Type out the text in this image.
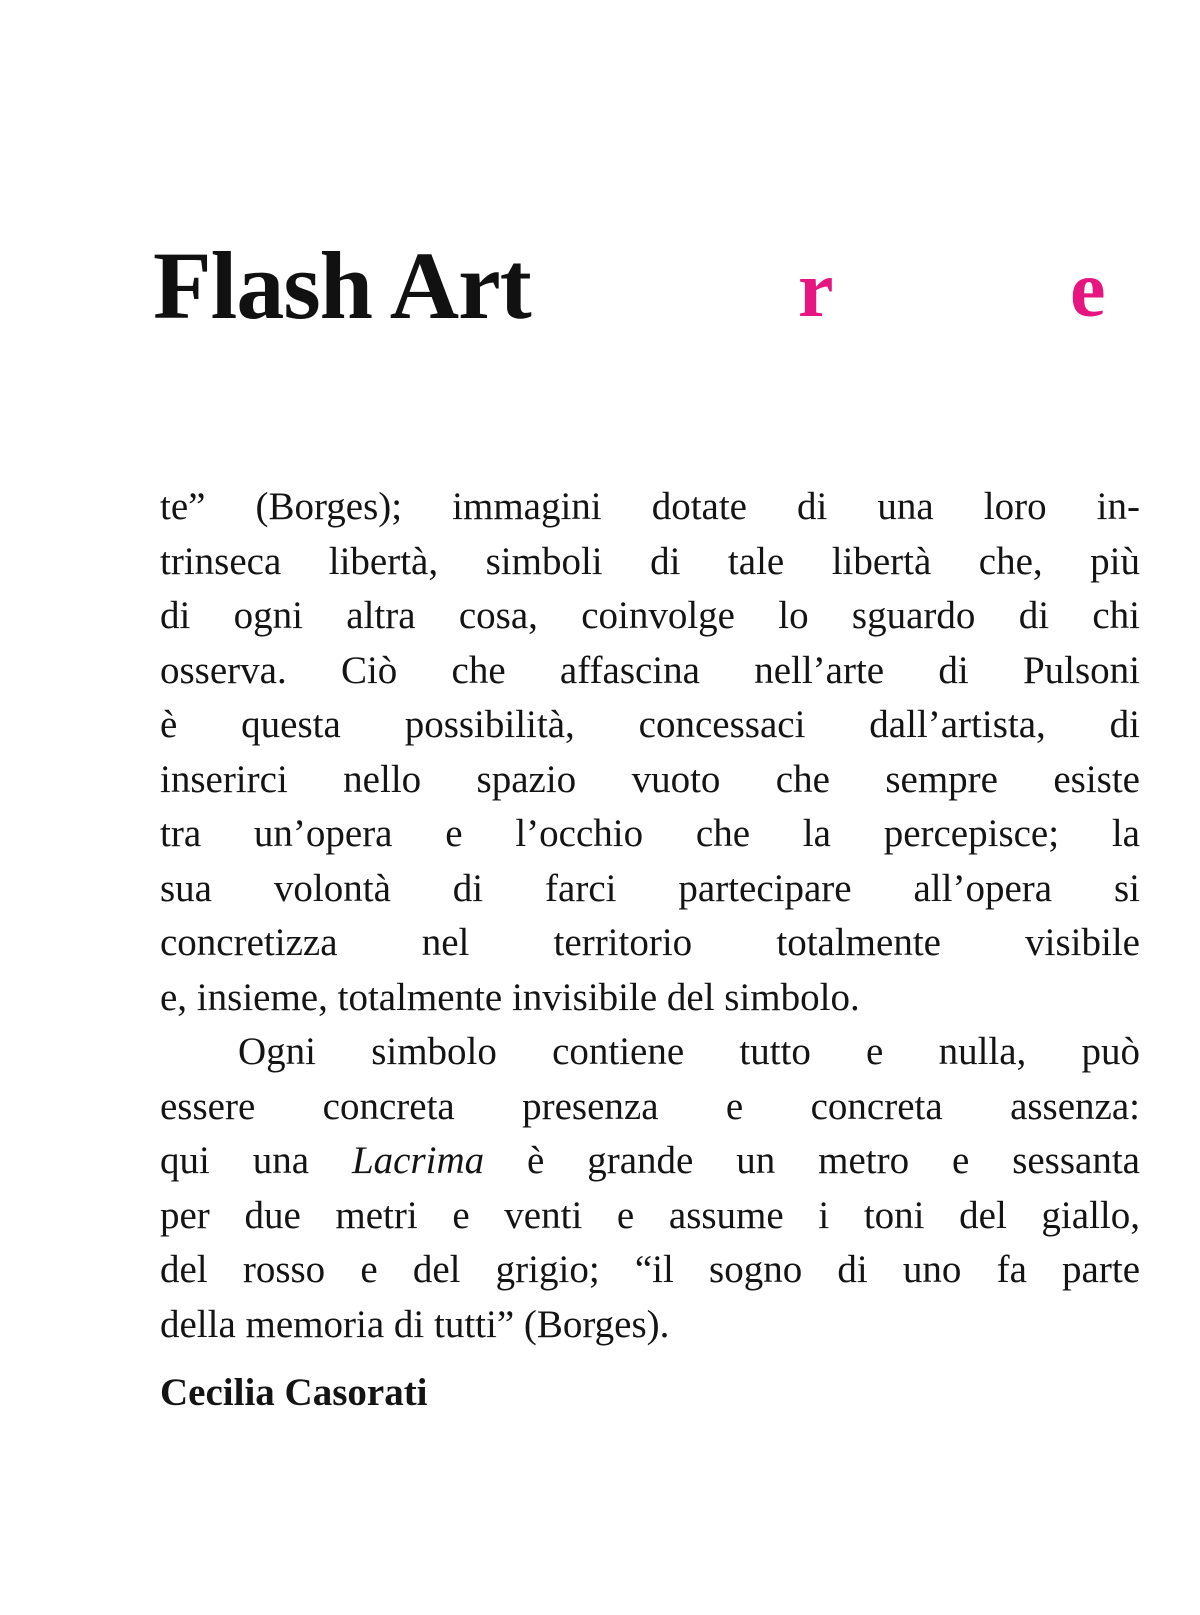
Flash Art	r	e
te” (Borges); immagini dotate di una loro in-
trinseca libertà, simboli di tale libertà che, più
di ogni altra cosa, coinvolge lo sguardo di chi
osserva. Ciò che affascina nell’arte di Pulsoni
è questa possibilità, concessaci dall’artista, di
inserirci nello spazio vuoto che sempre esiste
tra un’opera e l’occhio che la percepisce; la
sua volontà di farci partecipare all’opera si
concretizza nel territorio totalmente visibile
e, insieme, totalmente invisibile del simbolo.
Ogni simbolo contiene tutto e nulla, può
essere concreta presenza e concreta assenza:
qui una Lacrima è grande un metro e sessanta
per due metri e venti e assume i toni del giallo,
del rosso e del grigio; “il sogno di uno fa parte
della memoria di tutti” (Borges).
Cecilia Casorati
